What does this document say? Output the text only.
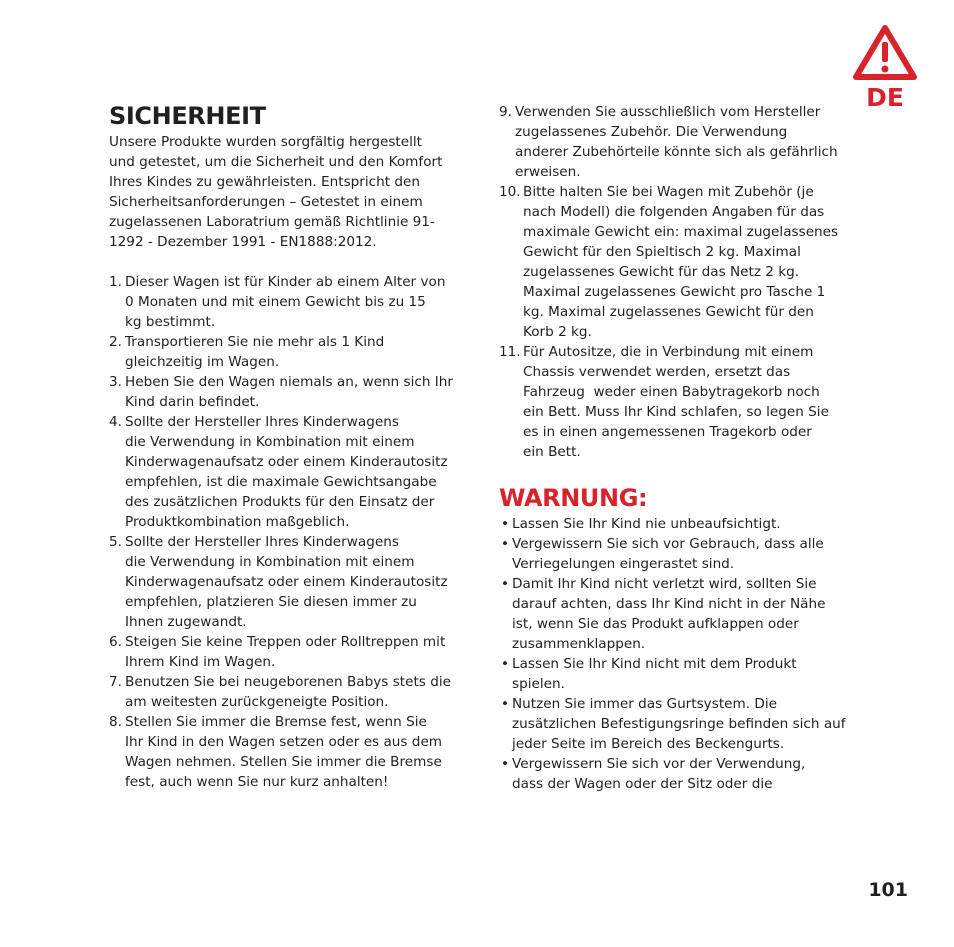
DE
SICHERHEIT
Unsere Produkte wurden sorgfältig hergestellt
und getestet, um die Sicherheit und den Komfort
Ihres Kindes zu gewährleisten. Entspricht den
Sicherheitsanforderungen – Getestet in einem
zugelassenen Laboratrium gemäß Richtlinie 91-
1292 - Dezember 1991 - EN1888:2012.
1. Dieser Wagen ist für Kinder ab einem Alter von
0 Monaten und mit einem Gewicht bis zu 15
kg bestimmt.
2. Transportieren Sie nie mehr als 1 Kind
gleichzeitig im Wagen.
3. Heben Sie den Wagen niemals an, wenn sich Ihr
Kind darin befindet.
4. Sollte der Hersteller Ihres Kinderwagens
die Verwendung in Kombination mit einem
Kinderwagenaufsatz oder einem Kinderautositz
empfehlen, ist die maximale Gewichtsangabe
des zusätzlichen Produkts für den Einsatz der
Produktkombination maßgeblich.
5. Sollte der Hersteller Ihres Kinderwagens
die Verwendung in Kombination mit einem
Kinderwagenaufsatz oder einem Kinderautositz
empfehlen, platzieren Sie diesen immer zu
Ihnen zugewandt.
6. Steigen Sie keine Treppen oder Rolltreppen mit
Ihrem Kind im Wagen.
7. Benutzen Sie bei neugeborenen Babys stets die
am weitesten zurückgeneigte Position.
8. Stellen Sie immer die Bremse fest, wenn Sie
Ihr Kind in den Wagen setzen oder es aus dem
Wagen nehmen. Stellen Sie immer die Bremse
fest, auch wenn Sie nur kurz anhalten!
9. Verwenden Sie ausschließlich vom Hersteller
zugelassenes Zubehör. Die Verwendung
anderer Zubehörteile könnte sich als gefährlich
erweisen.
10. Bitte halten Sie bei Wagen mit Zubehör (je
nach Modell) die folgenden Angaben für das
maximale Gewicht ein: maximal zugelassenes
Gewicht für den Spieltisch 2 kg. Maximal
zugelassenes Gewicht für das Netz 2 kg.
Maximal zugelassenes Gewicht pro Tasche 1
kg. Maximal zugelassenes Gewicht für den
Korb 2 kg.
11. Für Autositze, die in Verbindung mit einem
Chassis verwendet werden, ersetzt das
Fahrzeug  weder einen Babytragekorb noch
ein Bett. Muss Ihr Kind schlafen, so legen Sie
es in einen angemessenen Tragekorb oder
ein Bett.
WARNUNG:
• Lassen Sie Ihr Kind nie unbeaufsichtigt.
• Vergewissern Sie sich vor Gebrauch, dass alle
Verriegelungen eingerastet sind.
• Damit Ihr Kind nicht verletzt wird, sollten Sie
darauf achten, dass Ihr Kind nicht in der Nähe
ist, wenn Sie das Produkt aufklappen oder
zusammenklappen.
• Lassen Sie Ihr Kind nicht mit dem Produkt
spielen.
• Nutzen Sie immer das Gurtsystem. Die
zusätzlichen Befestigungsringe befinden sich auf
jeder Seite im Bereich des Beckengurts.
• Vergewissern Sie sich vor der Verwendung,
dass der Wagen oder der Sitz oder die
101
